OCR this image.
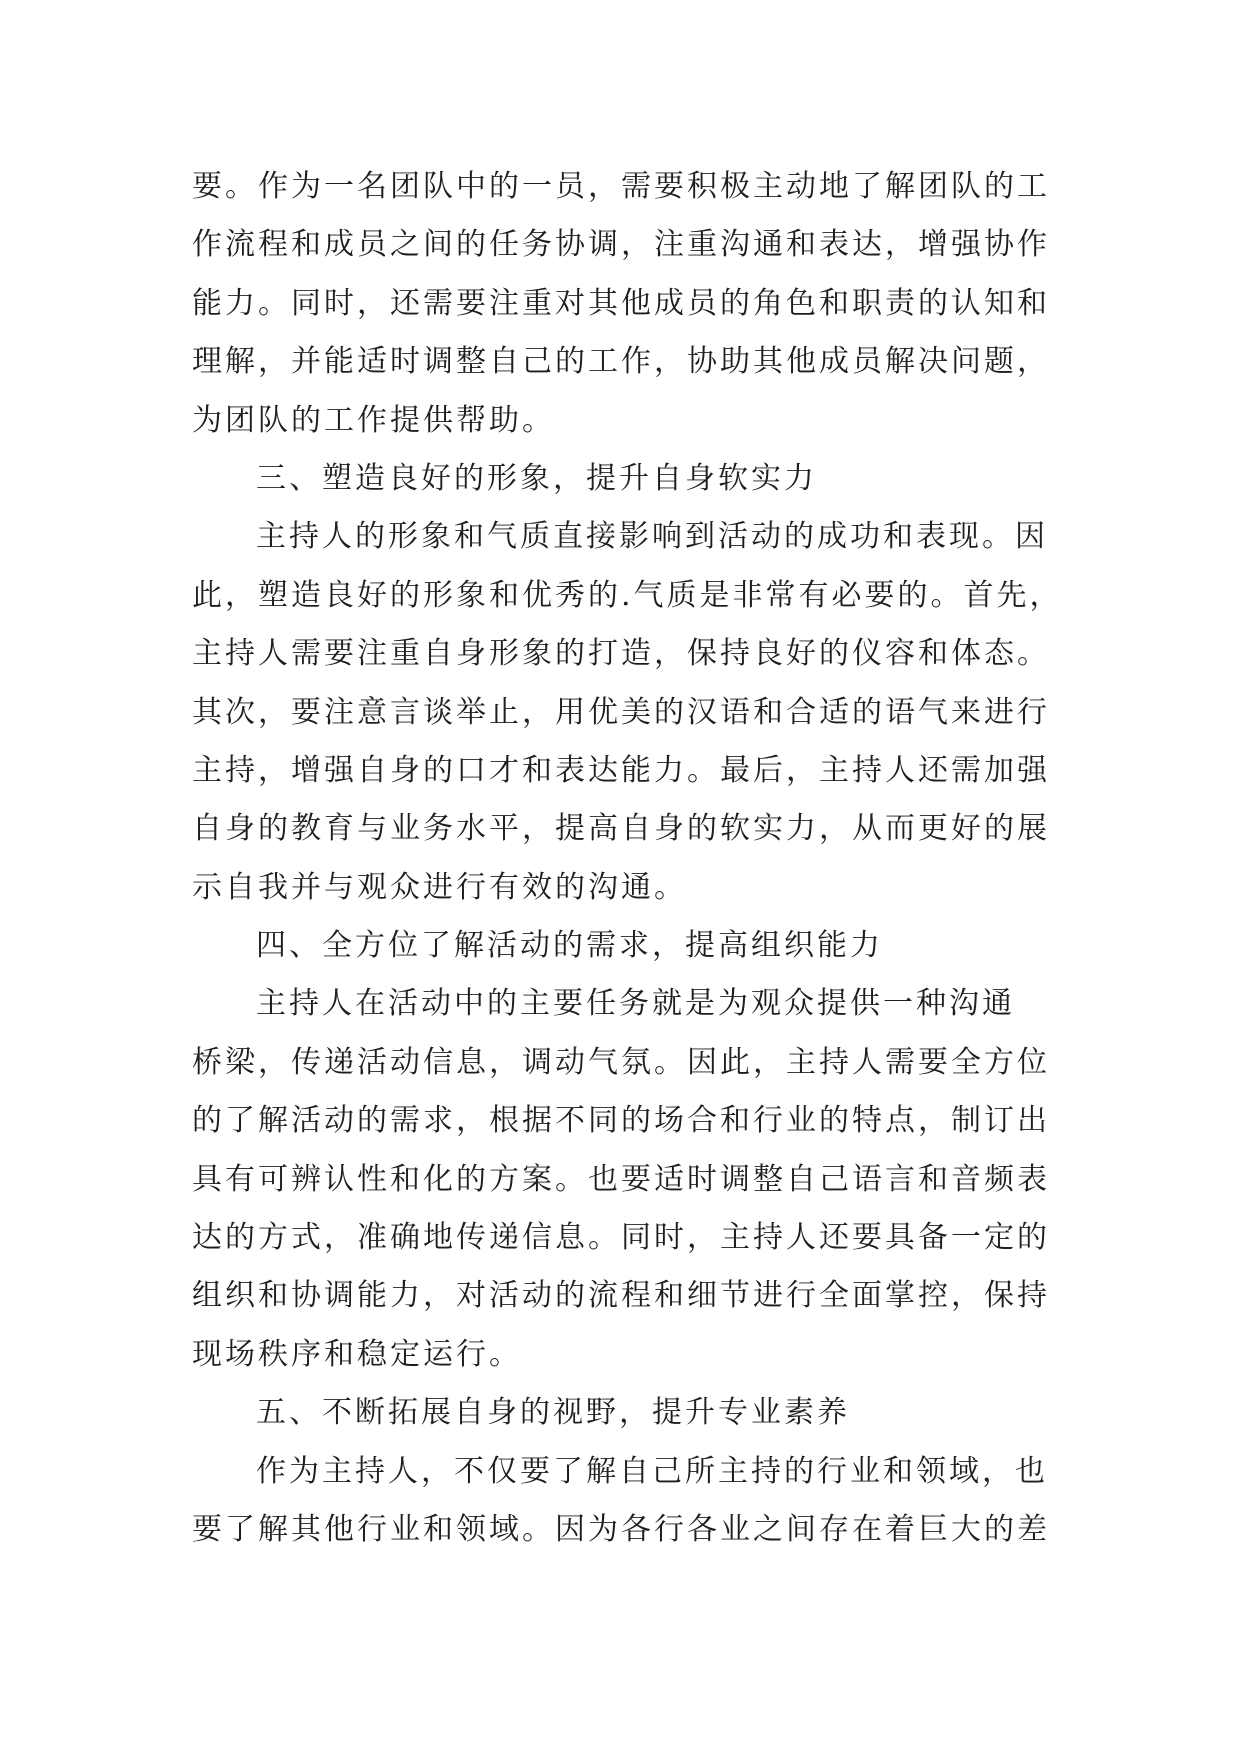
要。作为一名团队中的一员，需要积极主动地了解团队的工
作流程和成员之间的任务协调，注重沟通和表达，增强协作
能力。同时，还需要注重对其他成员的角色和职责的认知和
理解，并能适时调整自己的工作，协助其他成员解决问题，
为团队的工作提供帮助。
三、塑造良好的形象，提升自身软实力
主持人的形象和气质直接影响到活动的成功和表现。因
此，塑造良好的形象和优秀的.气质是非常有必要的。首先，
主持人需要注重自身形象的打造，保持良好的仪容和体态。
其次，要注意言谈举止，用优美的汉语和合适的语气来进行
主持，增强自身的口才和表达能力。最后，主持人还需加强
自身的教育与业务水平，提高自身的软实力，从而更好的展
示自我并与观众进行有效的沟通。
四、全方位了解活动的需求，提高组织能力
主持人在活动中的主要任务就是为观众提供一种沟通
桥梁，传递活动信息，调动气氛。因此，主持人需要全方位
的了解活动的需求，根据不同的场合和行业的特点，制订出
具有可辨认性和化的方案。也要适时调整自己语言和音频表
达的方式，准确地传递信息。同时，主持人还要具备一定的
组织和协调能力，对活动的流程和细节进行全面掌控，保持
现场秩序和稳定运行。
五、不断拓展自身的视野，提升专业素养
作为主持人，不仅要了解自己所主持的行业和领域，也
要了解其他行业和领域。因为各行各业之间存在着巨大的差
